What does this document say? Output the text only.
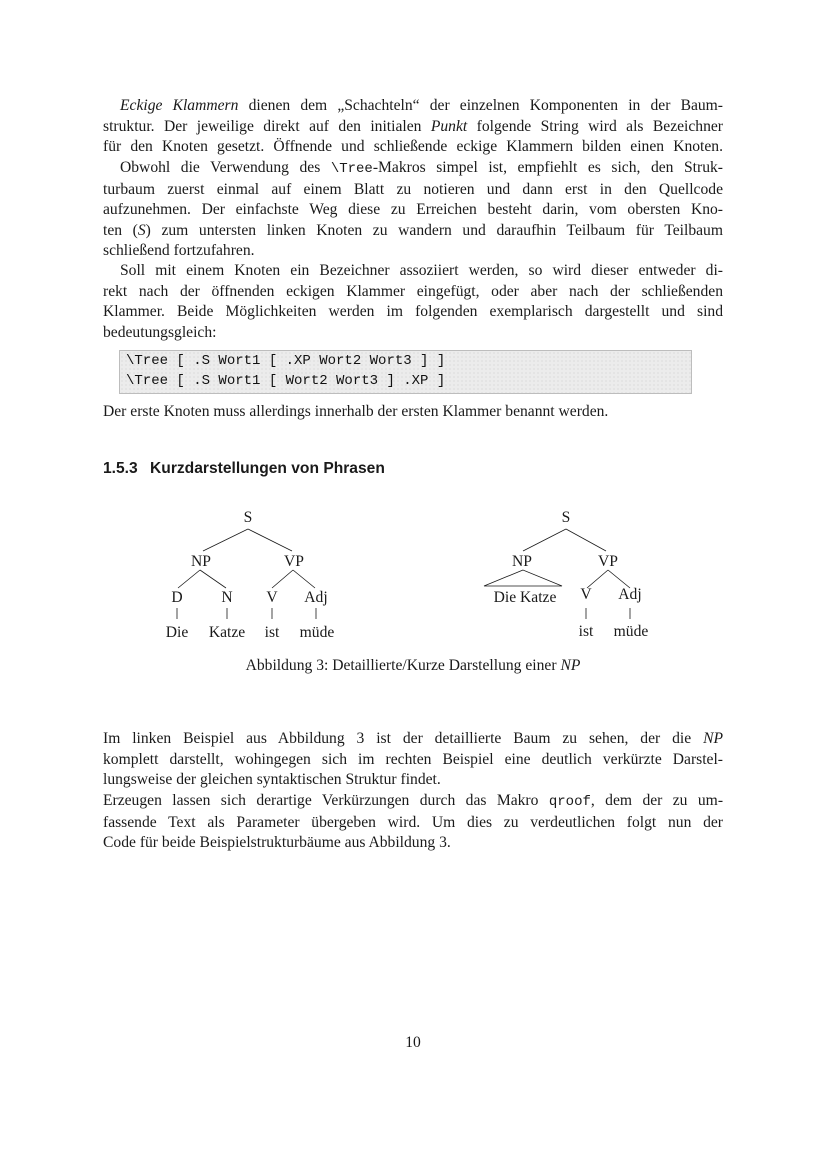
Eckige Klammern dienen dem „Schachteln“ der einzelnen Komponenten in der Baum-
struktur. Der jeweilige direkt auf den initialen Punkt folgende String wird als Bezeichner
für den Knoten gesetzt. Öffnende und schließende eckige Klammern bilden einen Knoten.
Obwohl die Verwendung des \Tree-Makros simpel ist, empfiehlt es sich, den Struk-
turbaum zuerst einmal auf einem Blatt zu notieren und dann erst in den Quellcode
aufzunehmen. Der einfachste Weg diese zu Erreichen besteht darin, vom obersten Kno-
ten (S) zum untersten linken Knoten zu wandern und daraufhin Teilbaum für Teilbaum
schließend fortzufahren.
Soll mit einem Knoten ein Bezeichner assoziiert werden, so wird dieser entweder di-
rekt nach der öffnenden eckigen Klammer eingefügt, oder aber nach der schließenden
Klammer. Beide Möglichkeiten werden im folgenden exemplarisch dargestellt und sind
bedeutungsgleich:
\Tree [ .S Wort1 [ .XP Wort2 Wort3 ] ]
\Tree [ .S Wort1 [ Wort2 Wort3 ] .XP ]
Der erste Knoten muss allerdings innerhalb der ersten Klammer benannt werden.
1.5.3 Kurzdarstellungen von Phrasen
S
NP	VP
D N V Adj
Die Katze ist müde
S
NP	VP
Die Katze V Adj
ist müde
Abbildung 3: Detaillierte/Kurze Darstellung einer NP
Im linken Beispiel aus Abbildung 3 ist der detaillierte Baum zu sehen, der die NP
komplett darstellt, wohingegen sich im rechten Beispiel eine deutlich verkürzte Darstel-
lungsweise der gleichen syntaktischen Struktur findet.
Erzeugen lassen sich derartige Verkürzungen durch das Makro qroof, dem der zu um-
fassende Text als Parameter übergeben wird. Um dies zu verdeutlichen folgt nun der
Code für beide Beispielstrukturbäume aus Abbildung 3.
10
